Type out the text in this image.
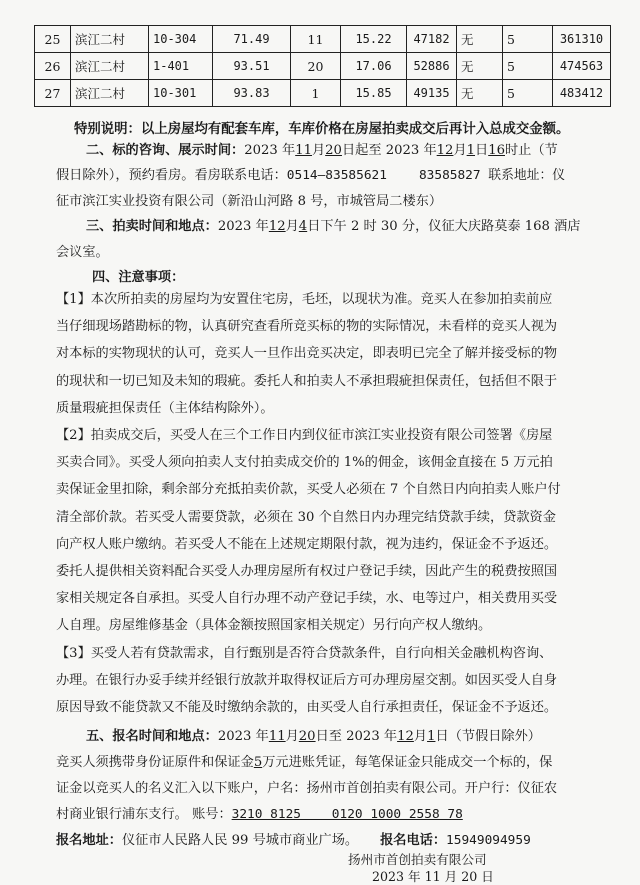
25	滨江二村	10-304	71.49	11	15.22	47182	无	5	361310
26	滨江二村	1-401	93.51	20	17.06	52886	无	5	474563
27	滨江二村	10-301	93.83	1	15.85	49135	无	5	483412
特别说明：以上房屋均有配套车库，车库价格在房屋拍卖成交后再计入总成交金额。
二、标的咨询、展示时间：2023 年11月20日起至 2023 年12月1日16时止（节
假日除外），预约看房。看房联系电话：0514—83585621	83585827 联系地址：仪
征市滨江实业投资有限公司（新沿山河路 8 号，市城管局二楼东）
三、拍卖时间和地点：2023 年12月4日下午 2 时 30 分，仪征大庆路莫泰 168 酒店
会议室。
四、注意事项：
【1】本次所拍卖的房屋均为安置住宅房，毛坯，以现状为准。竞买人在参加拍卖前应
当仔细现场踏勘标的物，认真研究查看所竞买标的物的实际情况，未看样的竞买人视为
对本标的实物现状的认可，竞买人一旦作出竞买决定，即表明已完全了解并接受标的物
的现状和一切已知及未知的瑕疵。委托人和拍卖人不承担瑕疵担保责任，包括但不限于
质量瑕疵担保责任（主体结构除外）。
【2】拍卖成交后，买受人在三个工作日内到仪征市滨江实业投资有限公司签署《房屋
买卖合同》。买受人须向拍卖人支付拍卖成交价的 1%的佣金，该佣金直接在 5 万元拍
卖保证金里扣除，剩余部分充抵拍卖价款，买受人必须在 7 个自然日内向拍卖人账户付
清全部价款。若买受人需要贷款，必须在 30 个自然日内办理完结贷款手续，贷款资金
向产权人账户缴纳。若买受人不能在上述规定期限付款，视为违约，保证金不予返还。
委托人提供相关资料配合买受人办理房屋所有权过户登记手续，因此产生的税费按照国
家相关规定各自承担。买受人自行办理不动产登记手续，水、电等过户，相关费用买受
人自理。房屋维修基金（具体金额按照国家相关规定）另行向产权人缴纳。
【3】买受人若有贷款需求，自行甄别是否符合贷款条件，自行向相关金融机构咨询、
办理。在银行办妥手续并经银行放款并取得权证后方可办理房屋交割。如因买受人自身
原因导致不能贷款又不能及时缴纳余款的，由买受人自行承担责任，保证金不予返还。
五、报名时间和地点：2023 年11月20日至 2023 年12月1日（节假日除外）
竞买人须携带身份证原件和保证金5万元进账凭证，每笔保证金只能成交一个标的，保
证金以竞买人的名义汇入以下账户，户名：扬州市首创拍卖有限公司。开户行：仪征农
村商业银行浦东支行。 账号：3210 8125    0120 1000 2558 78
报名地址：仪征市人民路人民 99 号城市商业广场。 报名电话：15949094959
扬州市首创拍卖有限公司
2023 年 11 月 20 日
